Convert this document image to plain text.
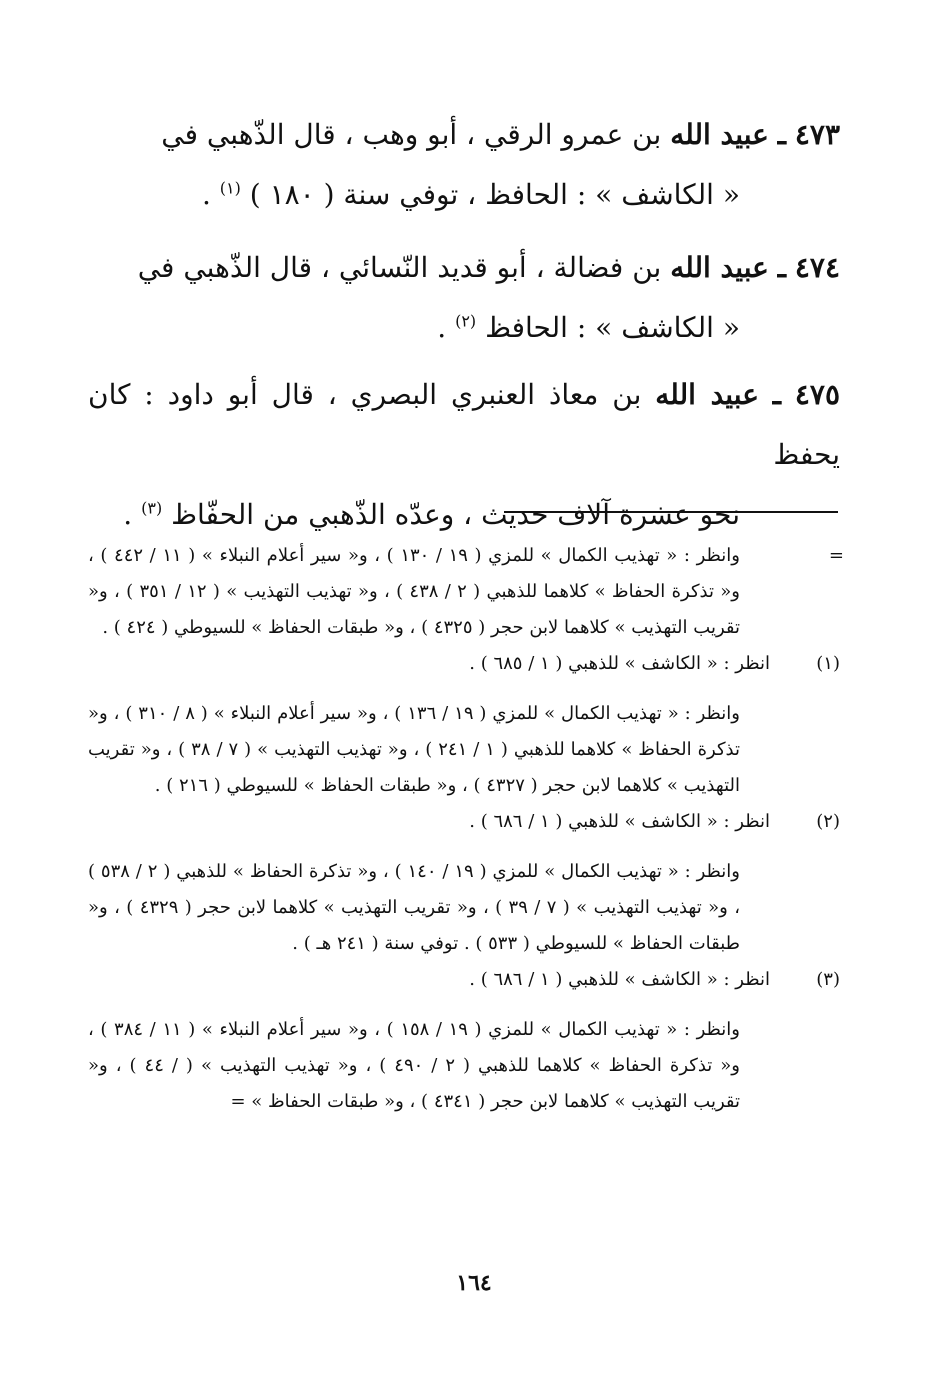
٤٧٣ ـ عبيد الله بن عمرو الرقي ، أبو وهب ، قال الذّهبي في
« الكاشف » : الحافظ ، توفي سنة ( ١٨٠ ) $^{(١)}$ .
٤٧٤ ـ عبيد الله بن فضالة ، أبو قديد النّسائي ، قال الذّهبي في
« الكاشف » : الحافظ $^{(٢)}$ .
٤٧٥ ـ عبيد الله بن معاذ العنبري البصري ، قال أبو داود : كان يحفظ
نحو عشرة آلاف حديث ، وعدّه الذّهبي من الحفّاظ $^{(٣)}$ .
=
وانظر : « تهذيب الكمال » للمزي ( ١٩ / ١٣٠ ) ، و« سير أعلام النبلاء » ( ١١ / ٤٤٢ ) ، و« تذكرة الحفاظ » كلاهما للذهبي ( ٢ / ٤٣٨ ) ، و« تهذيب التهذيب » ( ١٢ / ٣٥١ ) ، و« تقريب التهذيب » كلاهما لابن حجر ( ٤٣٢٥ ) ، و« طبقات الحفاظ » للسيوطي ( ٤٢٤ ) .
(١)انظر : « الكاشف » للذهبي ( ١ / ٦٨٥ ) .
وانظر : « تهذيب الكمال » للمزي ( ١٩ / ١٣٦ ) ، و« سير أعلام النبلاء » ( ٨ / ٣١٠ ) ، و« تذكرة الحفاظ » كلاهما للذهبي ( ١ / ٢٤١ ) ، و« تهذيب التهذيب » ( ٧ / ٣٨ ) ، و« تقريب التهذيب » كلاهما لابن حجر ( ٤٣٢٧ ) ، و« طبقات الحفاظ » للسيوطي ( ٢١٦ ) .
(٢)انظر : « الكاشف » للذهبي ( ١ / ٦٨٦ ) .
وانظر : « تهذيب الكمال » للمزي ( ١٩ / ١٤٠ ) ، و« تذكرة الحفاظ » للذهبي ( ٢ / ٥٣٨ ) ، و« تهذيب التهذيب » ( ٧ / ٣٩ ) ، و« تقريب التهذيب » كلاهما لابن حجر ( ٤٣٢٩ ) ، و« طبقات الحفاظ » للسيوطي ( ٥٣٣ ) . توفي سنة ( ٢٤١ هـ ) .
(٣)انظر : « الكاشف » للذهبي ( ١ / ٦٨٦ ) .
وانظر : « تهذيب الكمال » للمزي ( ١٩ / ١٥٨ ) ، و« سير أعلام النبلاء » ( ١١ / ٣٨٤ ) ، و« تذكرة الحفاظ » كلاهما للذهبي ( ٢ / ٤٩٠ ) ، و« تهذيب التهذيب » ( / ٤٤ ) ، و« تقريب التهذيب » كلاهما لابن حجر ( ٤٣٤١ ) ، و« طبقات الحفاظ » =
١٦٤
